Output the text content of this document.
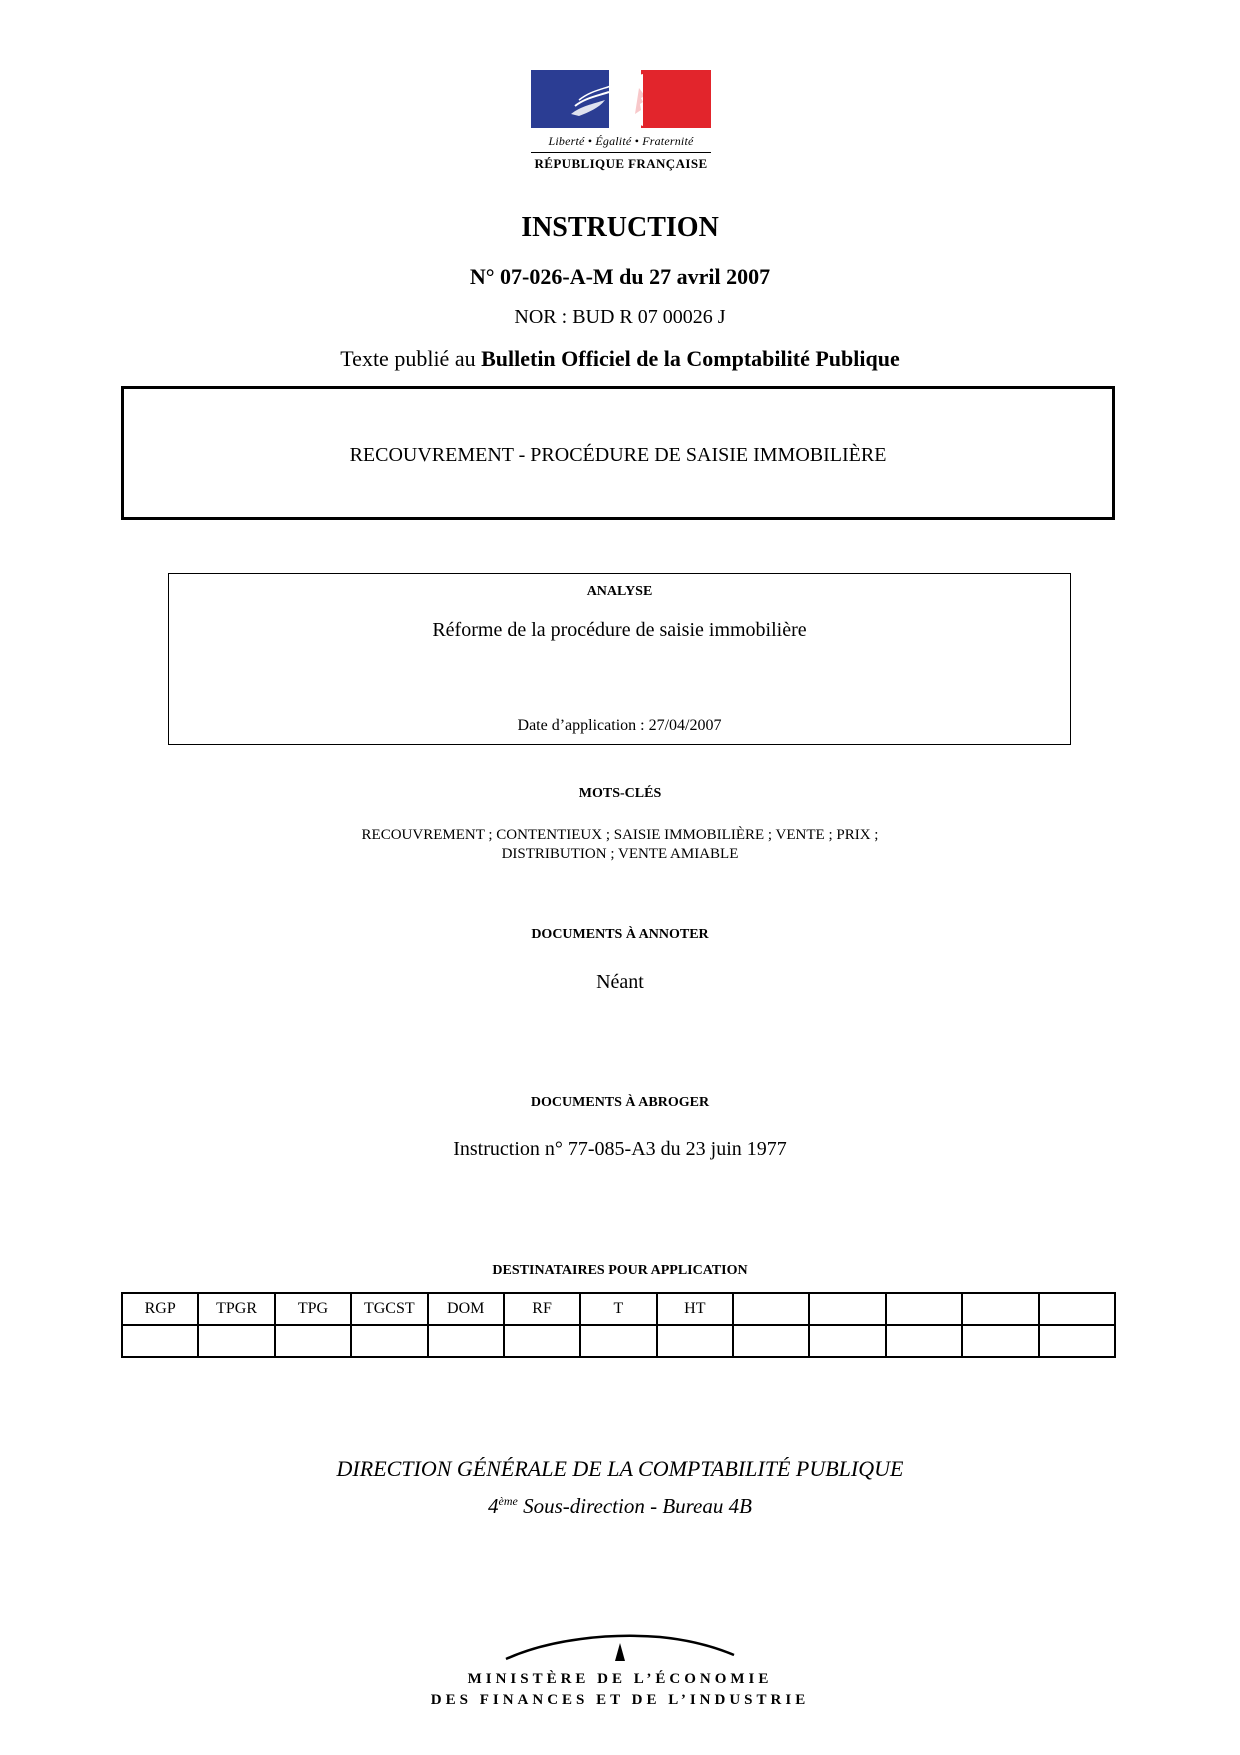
Liberté • Égalité • Fraternité
RÉPUBLIQUE FRANÇAISE
INSTRUCTION
N° 07-026-A-M du 27 avril 2007
NOR : BUD R 07 00026 J
Texte publié au Bulletin Officiel de la Comptabilité Publique
RECOUVREMENT - PROCÉDURE DE SAISIE IMMOBILIÈRE
ANALYSE
Réforme de la procédure de saisie immobilière
Date d’application : 27/04/2007
MOTS-CLÉS
RECOUVREMENT ; CONTENTIEUX ; SAISIE IMMOBILIÈRE ; VENTE ; PRIX ;
DISTRIBUTION ; VENTE AMIABLE
DOCUMENTS À ANNOTER
Néant
DOCUMENTS À ABROGER
Instruction n° 77-085-A3 du 23 juin 1977
DESTINATAIRES POUR APPLICATION
RGP	TPGR	TPG	TGCST	DOM	RF	T	HT					

DIRECTION GÉNÉRALE DE LA COMPTABILITÉ PUBLIQUE
4ème Sous-direction - Bureau 4B
MINISTÈRE DE L’ÉCONOMIE
DES FINANCES ET DE L’INDUSTRIE
